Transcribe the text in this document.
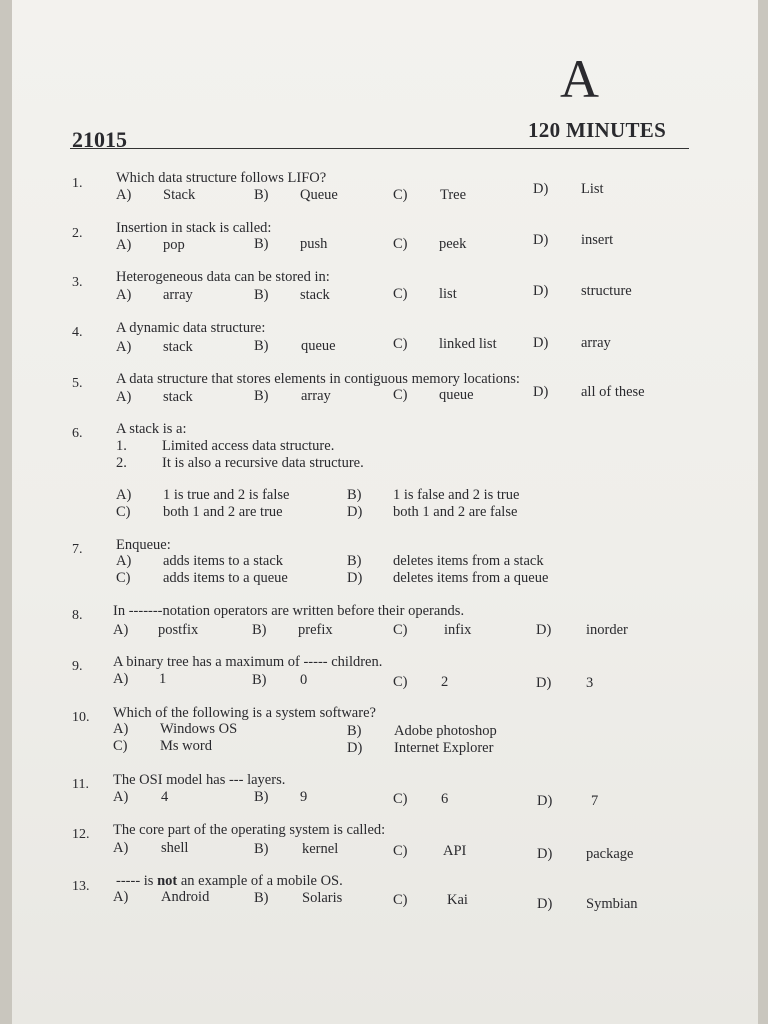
A
21015	120 MINUTES
1. Which data structure follows LIFO?
A) Stack	B) Queue	C) Tree	D) List
2. Insertion in stack is called:
A) pop	B) push	C) peek	D) insert
3. Heterogeneous data can be stored in:
A) array	B) stack	C) list	D) structure
4. A dynamic data structure:
A) stack	B) queue	C) linked list	D) array
5. A data structure that stores elements in contiguous memory locations:
A) stack	B) array	C) queue	D) all of these
6. A stack is a:
1. Limited access data structure.
2. It is also a recursive data structure.
A) 1 is true and 2 is false	B) 1 is false and 2 is true
C) both 1 and 2 are true	D) both 1 and 2 are false
7. Enqueue:
A) adds items to a stack	B) deletes items from a stack
C) adds items to a queue	D) deletes items from a queue
8. In -------notation operators are written before their operands.
A) postfix	B) prefix	C)	infix	D) inorder
9. A binary tree has a maximum of ----- children.
A) 1	B) 0	C) 2	D) 3
10. Which of the following is a system software?
A) Windows OS	B) Adobe photoshop
C) Ms word	D) Internet Explorer
11. The OSI model has --- layers.
A) 4	B) 9	C) 6	D)	7
12. The core part of the operating system is called:
A) shell	B) kernel	C) API	D) package
13. ----- is not an example of a mobile OS.
A) Android	B) Solaris	C)	Kai	D) Symbian
